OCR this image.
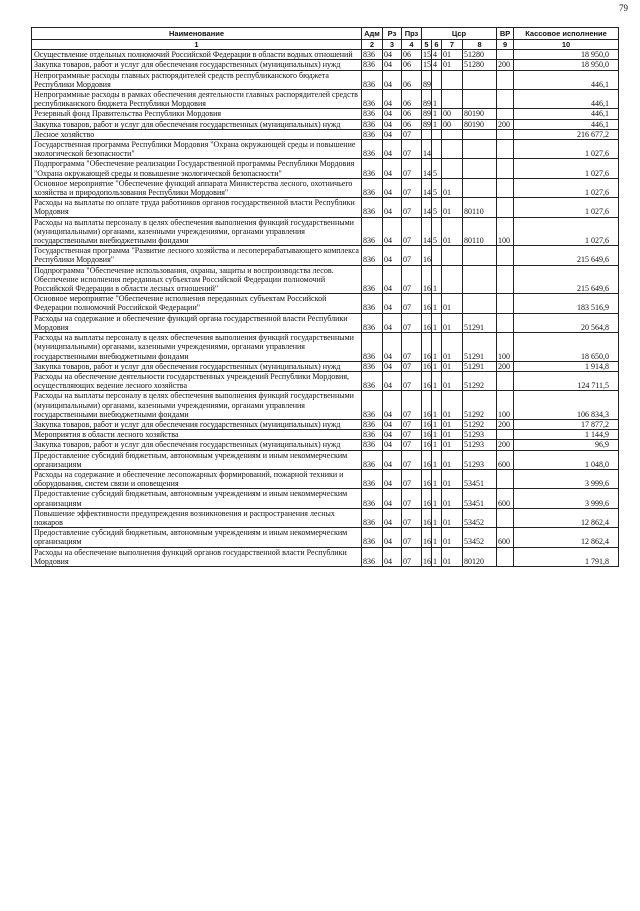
79
Наименование	Адм	Рз	Прз	Цср				ВР	Кассовое исполнение
1	2	3	4	5	6	7	8	9	10
Осуществление отдельных полномочий Российской Федерации в области водных отношений	836	04	06	15	4	01	51280		18 950,0
Закупка товаров, работ и услуг для обеспечения государственных (муниципальных) нужд	836	04	06	15	4	01	51280	200	18 950,0
Непрограммные расходы главных распорядителей средств республиканского бюджета Республики Мордовия	836	04	06	89					446,1
Непрограммные расходы в рамках обеспечения деятельности главных распорядителей средств республиканского бюджета Республики Мордовия	836	04	06	89	1				446,1
Резервный фонд Правительства Республики Мордовия	836	04	06	89	1	00	80190		446,1
Закупка товаров, работ и услуг для обеспечения государственных (муниципальных) нужд	836	04	06	89	1	00	80190	200	446,1
Лесное хозяйство	836	04	07						216 677,2
Государственная программа Республики Мордовия "Охрана окружающей среды и повышение экологической безопасности"	836	04	07	14					1 027,6
Подпрограмма "Обеспечение реализации Государственной программы Республики Мордовия "Охрана окружающей среды и повышение экологической безопасности"	836	04	07	14	5				1 027,6
Основное мероприятие "Обеспечение функций аппарата Министерства лесного, охотничьего хозяйства и природопользования Республики Мордовия"	836	04	07	14	5	01			1 027,6
Расходы на выплаты по оплате труда работников органов государственной власти Республики Мордовия	836	04	07	14	5	01	80110		1 027,6
Расходы на выплаты персоналу в целях обеспечения выполнения функций государственными (муниципальными) органами, казенными учреждениями, органами управления государственными внебюджетными фондами	836	04	07	14	5	01	80110	100	1 027,6
Государственная программа "Развитие лесного хозяйства и лесоперерабатывающего комплекса Республики Мордовия"	836	04	07	16					215 649,6
Подпрограмма "Обеспечение использования, охраны, защиты и воспроизводства лесов. Обеспечение исполнения переданных субъектам Российской Федерации полномочий Российской Федерации в области лесных отношений"	836	04	07	16	1				215 649,6
Основное мероприятие "Обеспечение исполнения переданных субъектам Российской Федерации полномочий Российской Федерации"	836	04	07	16	1	01			183 516,9
Расходы на содержание и обеспечение функций органа государственной власти Республики Мордовия	836	04	07	16	1	01	51291		20 564,8
Расходы на выплаты персоналу в целях обеспечения выполнения функций государственными (муниципальными) органами, казенными учреждениями, органами управления государственными внебюджетными фондами	836	04	07	16	1	01	51291	100	18 650,0
Закупка товаров, работ и услуг для обеспечения государственных (муниципальных) нужд	836	04	07	16	1	01	51291	200	1 914,8
Расходы на обеспечение деятельности государственных учреждений Республики Мордовия, осуществляющих ведение лесного хозяйства	836	04	07	16	1	01	51292		124 711,5
Расходы на выплаты персоналу в целях обеспечения выполнения функций государственными (муниципальными) органами, казенными учреждениями, органами управления государственными внебюджетными фондами	836	04	07	16	1	01	51292	100	106 834,3
Закупка товаров, работ и услуг для обеспечения государственных (муниципальных) нужд	836	04	07	16	1	01	51292	200	17 877,2
Мероприятия в области лесного хозяйства	836	04	07	16	1	01	51293		1 144,9
Закупка товаров, работ и услуг для обеспечения государственных (муниципальных) нужд	836	04	07	16	1	01	51293	200	96,9
Предоставление субсидий бюджетным, автономным учреждениям и иным некоммерческим организациям	836	04	07	16	1	01	51293	600	1 048,0
Расходы на содержание и обеспечение лесопожарных формирований, пожарной техники и оборудования, систем связи и оповещения	836	04	07	16	1	01	53451		3 999,6
Предоставление субсидий бюджетным, автономным учреждениям и иным некоммерческим организациям	836	04	07	16	1	01	53451	600	3 999,6
Повышение эффективности предупреждения возникновения и распространения лесных пожаров	836	04	07	16	1	01	53452		12 862,4
Предоставление субсидий бюджетным, автономным учреждениям и иным некоммерческим организациям	836	04	07	16	1	01	53452	600	12 862,4
Расходы на обеспечение выполнения функций органов государственной власти Республики Мордовия	836	04	07	16	1	01	80120		1 791,8
